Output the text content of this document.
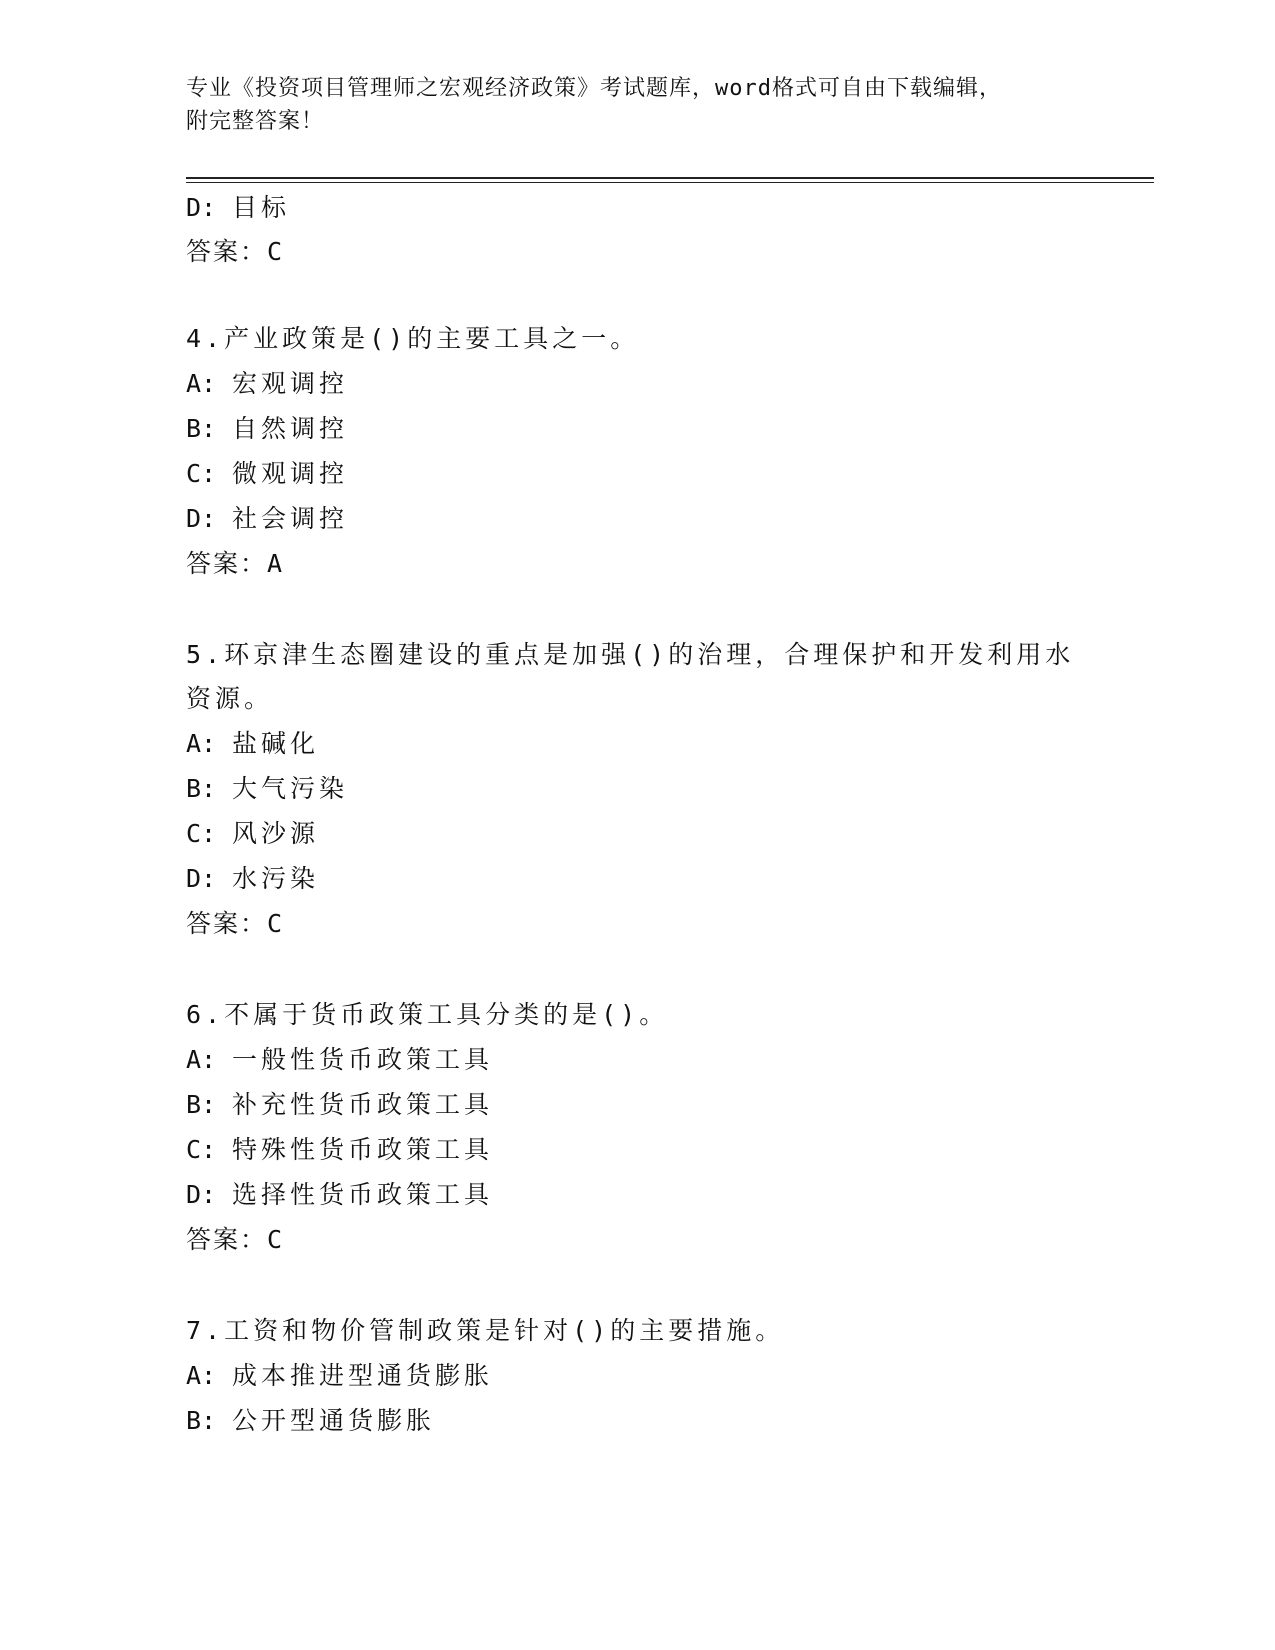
专业《投资项目管理师之宏观经济政策》考试题库，word格式可自由下载编辑，
附完整答案！
D: 目标
答案：C
4.产业政策是()的主要工具之一。
A: 宏观调控
B: 自然调控
C: 微观调控
D: 社会调控
答案：A
5.环京津生态圈建设的重点是加强()的治理，合理保护和开发利用水
资源。
A: 盐碱化
B: 大气污染
C: 风沙源
D: 水污染
答案：C
6.不属于货币政策工具分类的是()。
A: 一般性货币政策工具
B: 补充性货币政策工具
C: 特殊性货币政策工具
D: 选择性货币政策工具
答案：C
7.工资和物价管制政策是针对()的主要措施。
A: 成本推进型通货膨胀
B: 公开型通货膨胀
